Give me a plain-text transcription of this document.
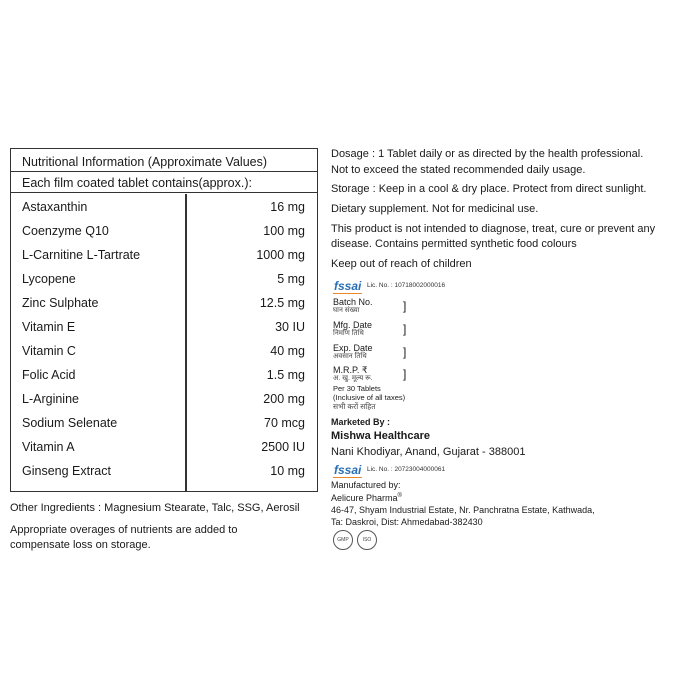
Nutritional Information (Approximate Values)
Each film coated tablet contains(approx.):
Astaxanthin	16 mg
Coenzyme Q10	100 mg
L-Carnitine L-Tartrate	1000 mg
Lycopene	5 mg
Zinc Sulphate	12.5 mg
Vitamin E	30 IU
Vitamin C	40 mg
Folic Acid	1.5 mg
L-Arginine	200 mg
Sodium Selenate	70 mcg
Vitamin A	2500 IU
Ginseng Extract	10 mg
Other Ingredients : Magnesium Stearate, Talc, SSG, Aerosil
Appropriate overages of nutrients are added to
compensate loss on storage.
Dosage : 1 Tablet daily or as directed by the health professional.
Not to exceed the stated recommended daily usage.
Storage : Keep in a cool & dry place. Protect from direct sunlight.
Dietary supplement. Not for medicinal use.
This product is not intended to diagnose, treat, cure or prevent any
disease. Contains permitted synthetic food colours
Keep out of reach of children
fssai Lic. No. : 10718002000016
Batch No.
घान संख्या	]
Mfg. Date
निर्माण तिथि	]
Exp. Date
अवसान तिथि	]
M.R.P. ₹
अ. खु. मूल्य रू.	]
Per 30 Tablets
(Inclusive of all taxes)
सभी करों सहित
Marketed By :
Mishwa Healthcare
Nani Khodiyar, Anand, Gujarat - 388001
fssai Lic. No. : 20723004000061
Manufactured by:
Aelicure Pharma®
46-47, Shyam Industrial Estate, Nr. Panchratna Estate, Kathwada,
Ta: Daskroi, Dist: Ahmedabad-382430
GMP	ISO
